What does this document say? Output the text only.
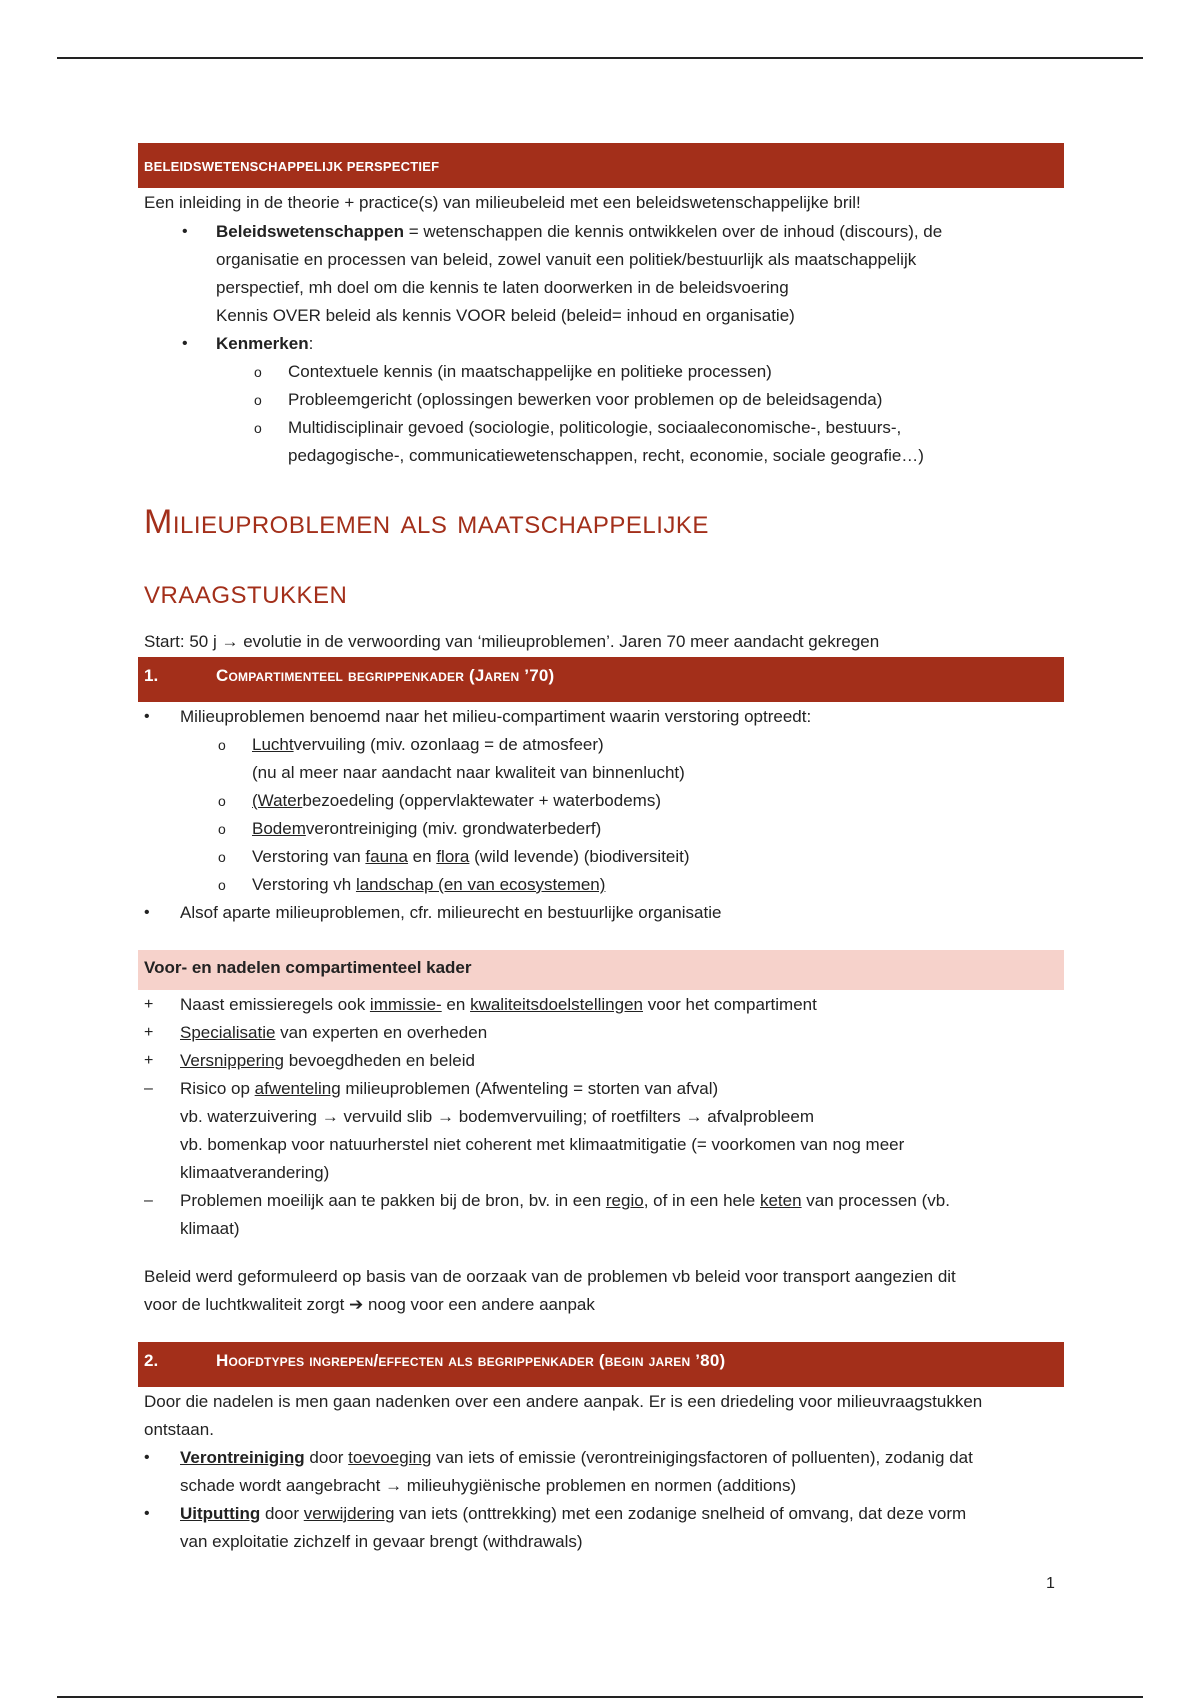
BELEIDSWETENSCHAPPELIJK PERSPECTIEF
Een inleiding in de theorie + practice(s) van milieubeleid met een beleidswetenschappelijke bril!
• Beleidswetenschappen = wetenschappen die kennis ontwikkelen over de inhoud (discours), de
organisatie en processen van beleid, zowel vanuit een politiek/bestuurlijk als maatschappelijk
perspectief, mh doel om die kennis te laten doorwerken in de beleidsvoering
Kennis OVER beleid als kennis VOOR beleid (beleid= inhoud en organisatie)
• Kenmerken:
o Contextuele kennis (in maatschappelijke en politieke processen)
o Probleemgericht (oplossingen bewerken voor problemen op de beleidsagenda)
o Multidisciplinair gevoed (sociologie, politicologie, sociaaleconomische-, bestuurs-,
pedagogische-, communicatiewetenschappen, recht, economie, sociale geografie…)
Milieuproblemen als maatschappelijke
vraagstukken
Start: 50 j → evolutie in de verwoording van ‘milieuproblemen’. Jaren 70 meer aandacht gekregen
1.	Compartimenteel begrippenkader (Jaren ’70)
• Milieuproblemen benoemd naar het milieu-compartiment waarin verstoring optreedt:
o Luchtvervuiling (miv. ozonlaag = de atmosfeer)
(nu al meer naar aandacht naar kwaliteit van binnenlucht)
o (Waterbezoedeling (oppervlaktewater + waterbodems)
o Bodemverontreiniging (miv. grondwaterbederf)
o Verstoring van fauna en flora (wild levende) (biodiversiteit)
o Verstoring vh landschap (en van ecosystemen)
• Alsof aparte milieuproblemen, cfr. milieurecht en bestuurlijke organisatie
Voor- en nadelen compartimenteel kader
+ Naast emissieregels ook immissie- en kwaliteitsdoelstellingen voor het compartiment
+ Specialisatie van experten en overheden
+ Versnippering bevoegdheden en beleid
– Risico op afwenteling milieuproblemen (Afwenteling = storten van afval)
vb. waterzuivering → vervuild slib → bodemvervuiling; of roetfilters → afvalprobleem
vb. bomenkap voor natuurherstel niet coherent met klimaatmitigatie (= voorkomen van nog meer
klimaatverandering)
– Problemen moeilijk aan te pakken bij de bron, bv. in een regio, of in een hele keten van processen (vb.
klimaat)
Beleid werd geformuleerd op basis van de oorzaak van de problemen vb beleid voor transport aangezien dit
voor de luchtkwaliteit zorgt ➔ noog voor een andere aanpak
2.	Hoofdtypes ingrepen/effecten als begrippenkader (begin jaren ’80)
Door die nadelen is men gaan nadenken over een andere aanpak. Er is een driedeling voor milieuvraagstukken
ontstaan.
• Verontreiniging door toevoeging van iets of emissie (verontreinigingsfactoren of polluenten), zodanig dat
schade wordt aangebracht → milieuhygiënische problemen en normen (additions)
• Uitputting door verwijdering van iets (onttrekking) met een zodanige snelheid of omvang, dat deze vorm
van exploitatie zichzelf in gevaar brengt (withdrawals)
1
